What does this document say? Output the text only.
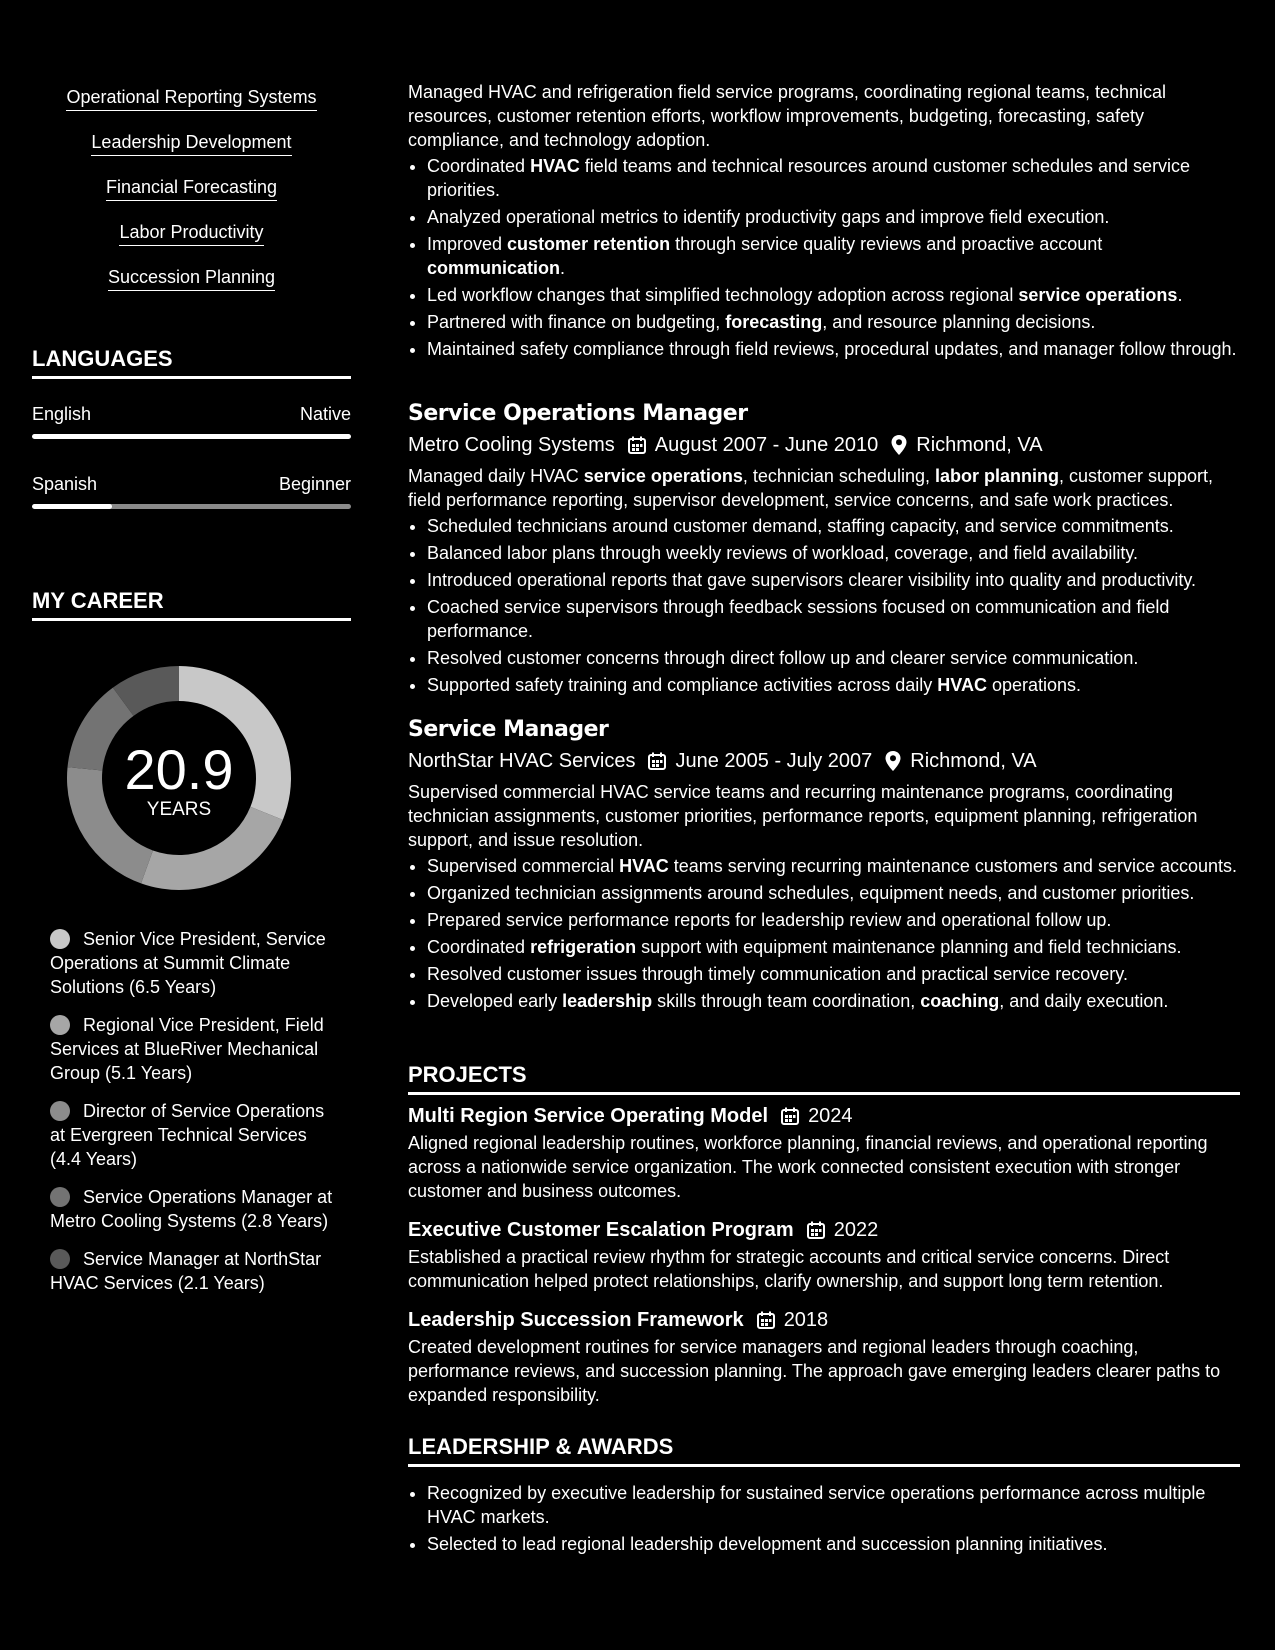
Operational Reporting Systems
Leadership Development
Financial Forecasting
Labor Productivity
Succession Planning
LANGUAGES
English	Native
Spanish	Beginner
MY CAREER
20.9
YEARS
Senior Vice President, Service Operations at Summit Climate Solutions (6.5 Years)
Regional Vice President, Field Services at BlueRiver Mechanical Group (5.1 Years)
Director of Service Operations at Evergreen Technical Services (4.4 Years)
Service Operations Manager at Metro Cooling Systems (2.8 Years)
Service Manager at NorthStar HVAC Services (2.1 Years)

Managed HVAC and refrigeration field service programs, coordinating regional teams, technical resources, customer retention efforts, workflow improvements, budgeting, forecasting, safety compliance, and technology adoption.

• Coordinated HVAC field teams and technical resources around customer schedules and service priorities.
• Analyzed operational metrics to identify productivity gaps and improve field execution.
• Improved customer retention through service quality reviews and proactive account communication.
• Led workflow changes that simplified technology adoption across regional service operations.
• Partnered with finance on budgeting, forecasting, and resource planning decisions.
• Maintained safety compliance through field reviews, procedural updates, and manager follow through.
Service Operations Manager
Metro Cooling Systems August 2007 - June 2010 Richmond, VA

Managed daily HVAC service operations, technician scheduling, labor planning, customer support, field performance reporting, supervisor development, service concerns, and safe work practices.

• Scheduled technicians around customer demand, staffing capacity, and service commitments.
• Balanced labor plans through weekly reviews of workload, coverage, and field availability.
• Introduced operational reports that gave supervisors clearer visibility into quality and productivity.
• Coached service supervisors through feedback sessions focused on communication and field performance.
• Resolved customer concerns through direct follow up and clearer service communication.
• Supported safety training and compliance activities across daily HVAC operations.
Service Manager
NorthStar HVAC Services June 2005 - July 2007 Richmond, VA

Supervised commercial HVAC service teams and recurring maintenance programs, coordinating technician assignments, customer priorities, performance reports, equipment planning, refrigeration support, and issue resolution.

• Supervised commercial HVAC teams serving recurring maintenance customers and service accounts.
• Organized technician assignments around schedules, equipment needs, and customer priorities.
• Prepared service performance reports for leadership review and operational follow up.
• Coordinated refrigeration support with equipment maintenance planning and field technicians.
• Resolved customer issues through timely communication and practical service recovery.
• Developed early leadership skills through team coordination, coaching, and daily execution.
PROJECTS
Multi Region Service Operating Model 2024

Aligned regional leadership routines, workforce planning, financial reviews, and operational reporting across a nationwide service organization. The work connected consistent execution with stronger customer and business outcomes.

Executive Customer Escalation Program 2022

Established a practical review rhythm for strategic accounts and critical service concerns. Direct communication helped protect relationships, clarify ownership, and support long term retention.

Leadership Succession Framework 2018

Created development routines for service managers and regional leaders through coaching, performance reviews, and succession planning. The approach gave emerging leaders clearer paths to expanded responsibility.

LEADERSHIP & AWARDS
• Recognized by executive leadership for sustained service operations performance across multiple HVAC markets.
• Selected to lead regional leadership development and succession planning initiatives.
